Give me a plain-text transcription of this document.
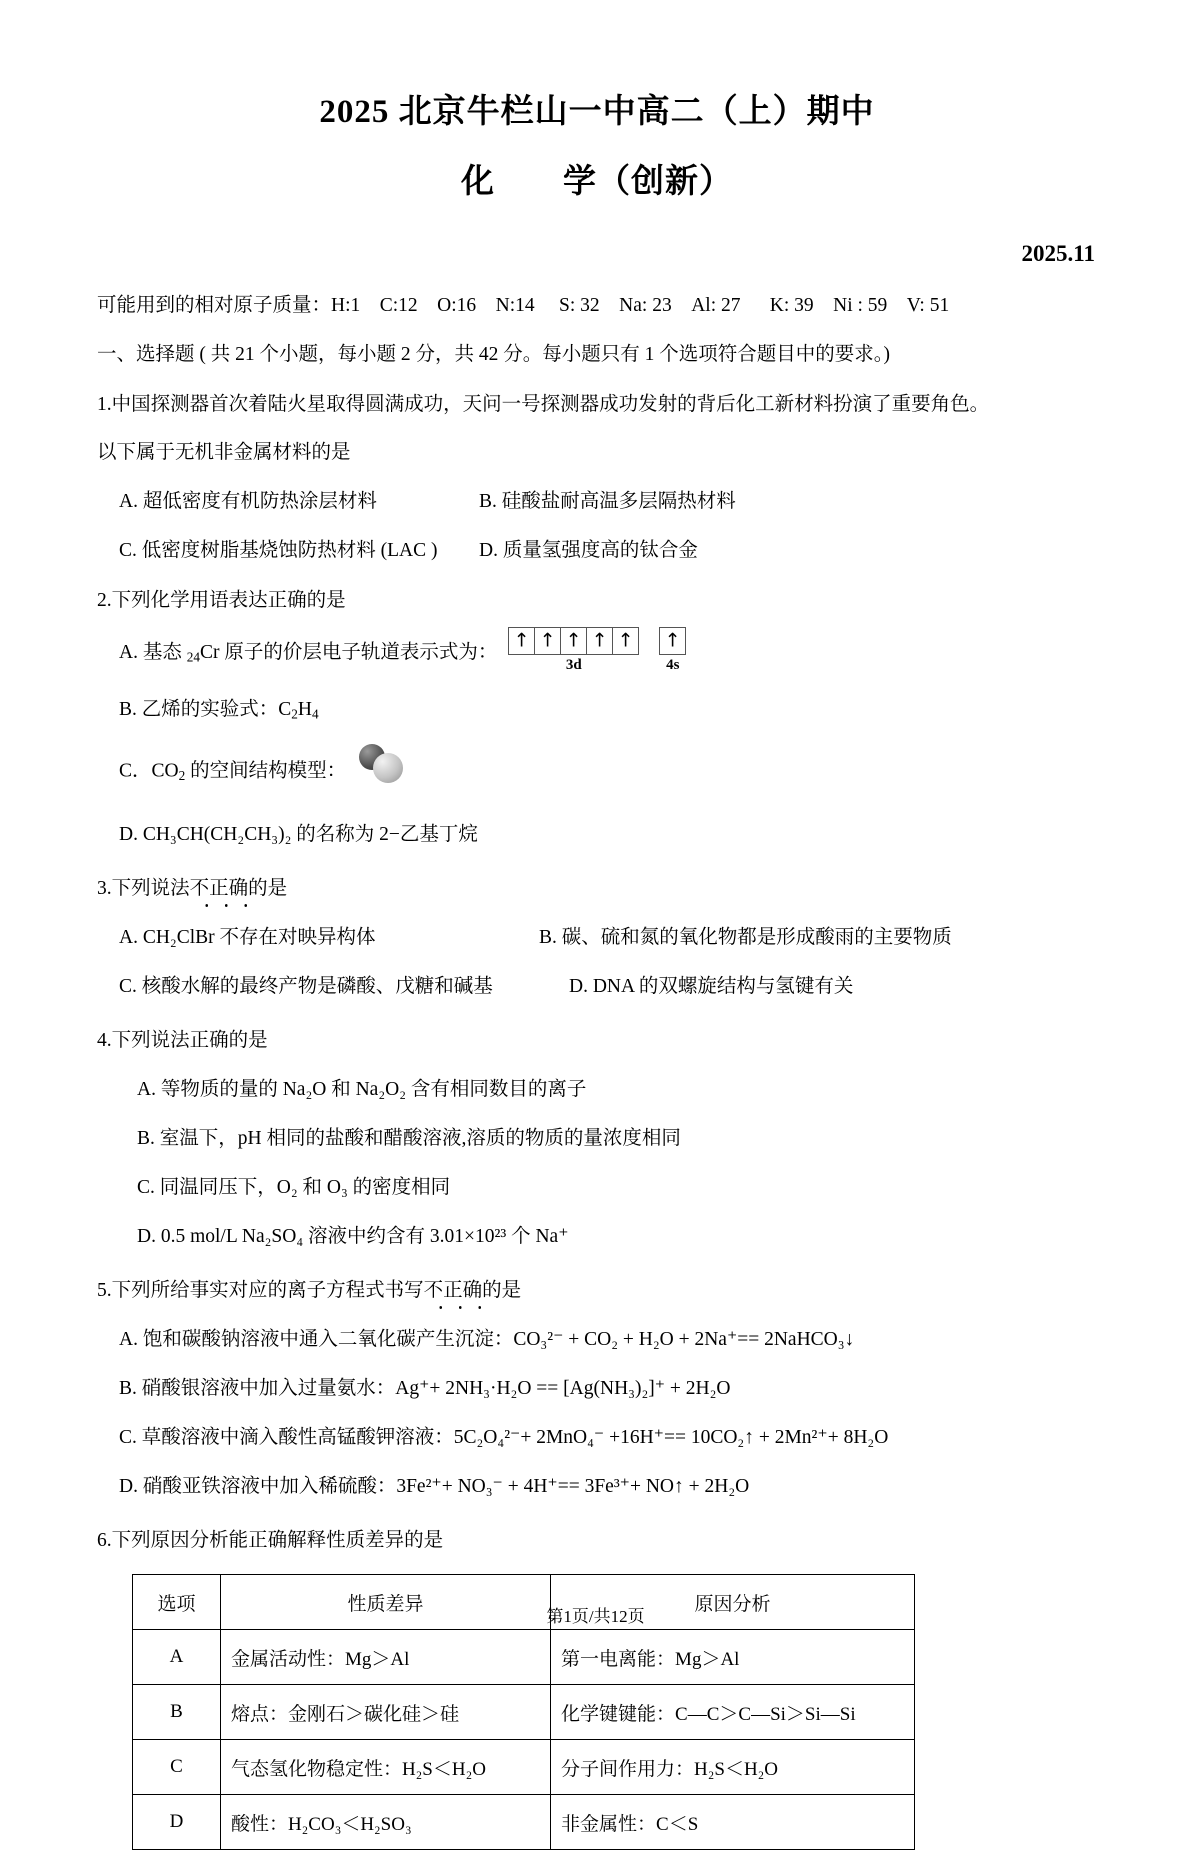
2025 北京牛栏山一中高二（上）期中
化　　学（创新）
2025.11
可能用到的相对原子质量：H:1　C:12　O:16　N:14　 S: 32　Na: 23　Al: 27 　 K: 39　Ni : 59　V: 51
一、选择题 ( 共 21 个小题，每小题 2 分，共 42 分。每小题只有 1 个选项符合题目中的要求。)
1.中国探测器首次着陆火星取得圆满成功，天问一号探测器成功发射的背后化工新材料扮演了重要角色。
以下属于无机非金属材料的是
A. 超低密度有机防热涂层材料	B. 硅酸盐耐高温多层隔热材料
C. 低密度树脂基烧蚀防热材料 (LAC ) D. 质量氢强度高的钛合金
2.下列化学用语表达正确的是
A. 基态 $_{24}$Cr 原子的价层电子轨道表示式为：
↑ ↑ ↑ ↑ ↑
3d
↑
4s
B. 乙烯的实验式：$C_2H_4$
C．$CO_2$ 的空间结构模型：
D. CH₃CH(CH₂CH₃)₂ 的名称为 2−乙基丁烷
3.下列说法不正确的是
A. CH₂ClBr 不存在对映异构体	B. 碳、硫和氮的氧化物都是形成酸雨的主要物质
C. 核酸水解的最终产物是磷酸、戊糖和碱基	D. DNA 的双螺旋结构与氢键有关
4.下列说法正确的是
A. 等物质的量的 Na₂O 和 Na₂O₂ 含有相同数目的离子
B. 室温下，pH 相同的盐酸和醋酸溶液,溶质的物质的量浓度相同
C. 同温同压下，O₂ 和 O₃ 的密度相同
D. 0.5 mol/L Na₂SO₄ 溶液中约含有 3.01×10²³ 个 Na⁺
5.下列所给事实对应的离子方程式书写不正确的是
A. 饱和碳酸钠溶液中通入二氧化碳产生沉淀：CO₃²⁻ + CO₂ + H₂O + 2Na⁺== 2NaHCO₃↓
B. 硝酸银溶液中加入过量氨水：Ag⁺+ 2NH₃·H₂O == [Ag(NH₃)₂]⁺ + 2H₂O
C. 草酸溶液中滴入酸性高锰酸钾溶液：5C₂O₄²⁻+ 2MnO₄⁻ +16H⁺== 10CO₂↑ + 2Mn²⁺+ 8H₂O
D. 硝酸亚铁溶液中加入稀硫酸：3Fe²⁺+ NO₃⁻ + 4H⁺== 3Fe³⁺+ NO↑ + 2H₂O
6.下列原因分析能正确解释性质差异的是
选项	性质差异	原因分析
A	金属活动性：Mg＞Al	第一电离能：Mg＞Al
B	熔点：金刚石＞碳化硅＞硅	化学键键能：C—C＞C—Si＞Si—Si
C	气态氢化物稳定性：H₂S＜H₂O	分子间作用力：H₂S＜H₂O
D	酸性：H₂CO₃＜H₂SO₃	非金属性：C＜S
第1页/共12页
